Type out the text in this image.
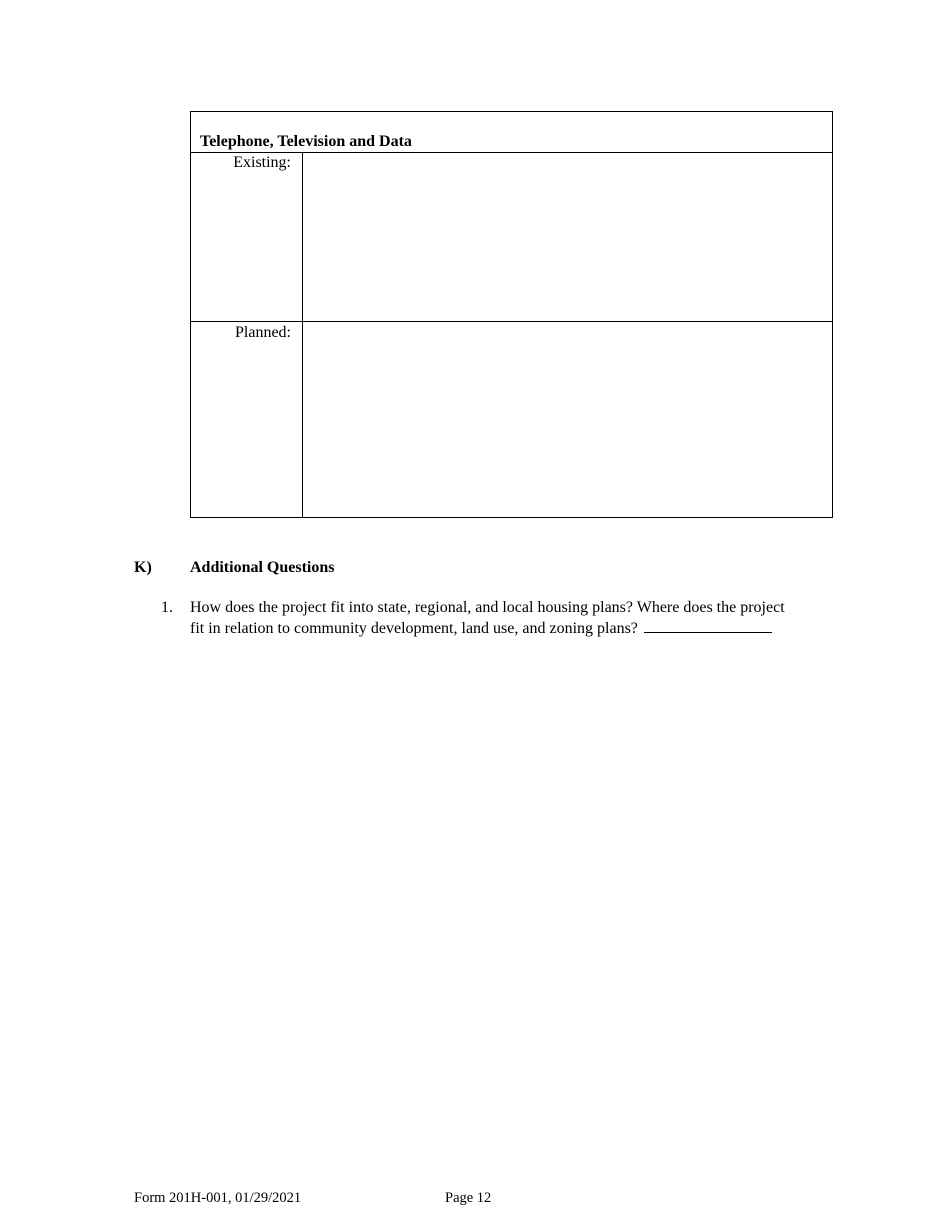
Telephone, Television and Data
Existing:
Planned:
K) Additional Questions
1. How does the project fit into state, regional, and local housing plans? Where does the project
fit in relation to community development, land use, and zoning plans?
Form 201H-001, 01/29/2021	Page 12
